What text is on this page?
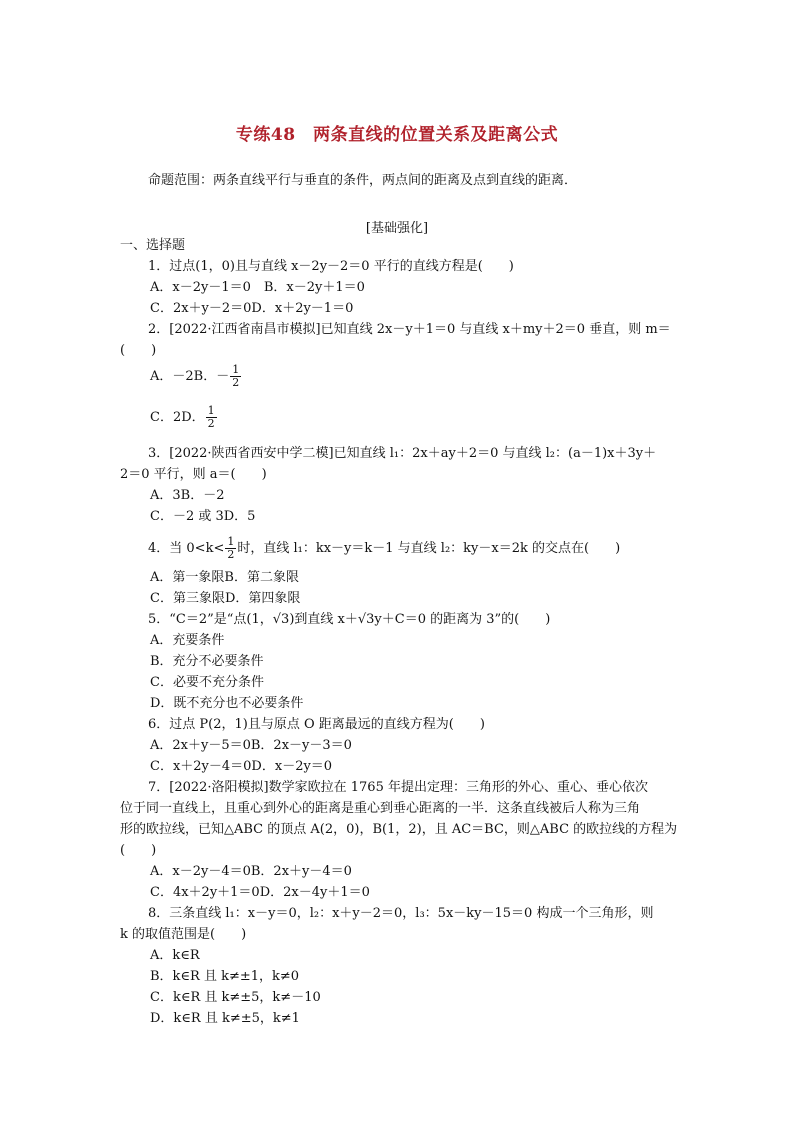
专练48　两条直线的位置关系及距离公式
命题范围：两条直线平行与垂直的条件，两点间的距离及点到直线的距离．
[基础强化]
一、选择题
1．过点(1，0)且与直线 x－2y－2＝0 平行的直线方程是(　　)
A．x－2y－1＝0　B．x－2y＋1＝0
C．2x＋y－2＝0D．x＋2y－1＝0
2．[2022·江西省南昌市模拟]已知直线 2x－y＋1＝0 与直线 x＋my＋2＝0 垂直，则 m＝
(　　)
A．－2B．－ $\frac{1}{2}$
C．2D． $\frac{1}{2}$
3．[2022·陕西省西安中学二模]已知直线 l₁：2x＋ay＋2＝0 与直线 l₂：(a－1)x＋3y＋
2＝0 平行，则 a＝(　　)
A．3B．－2
C．－2 或 3D．5
4．当 $0<k< \frac{1}{2}$ 时，直线 l₁：kx－y＝k－1 与直线 l₂：ky－x＝2k 的交点在(　　)
A．第一象限B．第二象限
C．第三象限D．第四象限
5．“C＝2”是“点(1，√3)到直线 x＋√3y＋C＝0 的距离为 3”的(　　)
A．充要条件
B．充分不必要条件
C．必要不充分条件
D．既不充分也不必要条件
6．过点 P(2，1)且与原点 O 距离最远的直线方程为(　　)
A．2x＋y－5＝0B．2x－y－3＝0
C．x＋2y－4＝0D．x－2y＝0
7．[2022·洛阳模拟]数学家欧拉在 1765 年提出定理：三角形的外心、重心、垂心依次
位于同一直线上，且重心到外心的距离是重心到垂心距离的一半．这条直线被后人称为三角
形的欧拉线，已知△ABC 的顶点 A(2，0)，B(1，2)，且 AC＝BC，则△ABC 的欧拉线的方程为
(　　)
A．x－2y－4＝0B．2x＋y－4＝0
C．4x＋2y＋1＝0D．2x－4y＋1＝0
8．三条直线 l₁：x－y＝0，l₂：x＋y－2＝0，l₃：5x－ky－15＝0 构成一个三角形，则
k 的取值范围是(　　)
A．k∈R
B．k∈R 且 k≠±1，k≠0
C．k∈R 且 k≠±5，k≠－10
D．k∈R 且 k≠±5，k≠1
